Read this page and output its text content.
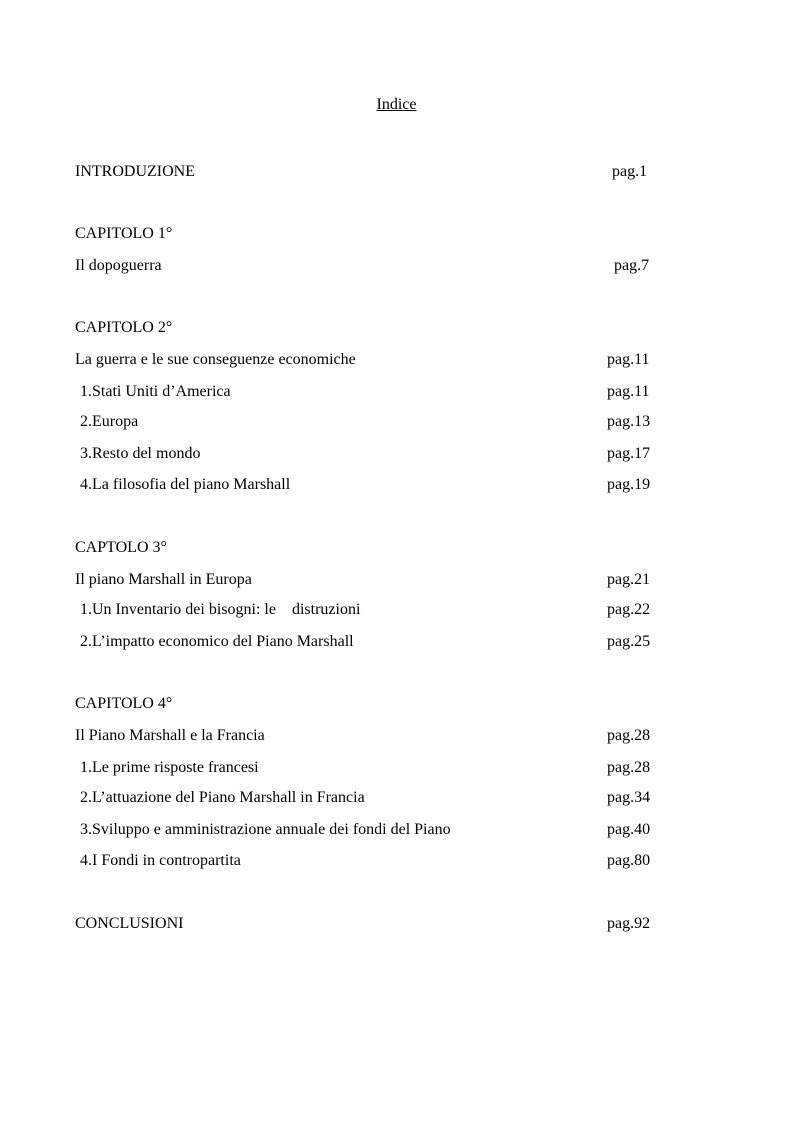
Indice
INTRODUZIONE	pag.1
CAPITOLO 1°
Il dopoguerra	pag.7
CAPITOLO 2°
La guerra e le sue conseguenze economiche	pag.11
1.Stati Uniti d’America	pag.11
2.Europa	pag.13
3.Resto del mondo	pag.17
4.La filosofia del piano Marshall	pag.19
CAPTOLO 3°
Il piano Marshall in Europa	pag.21
1.Un Inventario dei bisogni: le    distruzioni	pag.22
2.L’impatto economico del Piano Marshall	pag.25
CAPITOLO 4°
Il Piano Marshall e la Francia	pag.28
1.Le prime risposte francesi	pag.28
2.L’attuazione del Piano Marshall in Francia	pag.34
3.Sviluppo e amministrazione annuale dei fondi del Piano	pag.40
4.I Fondi in contropartita	pag.80
CONCLUSIONI	pag.92
